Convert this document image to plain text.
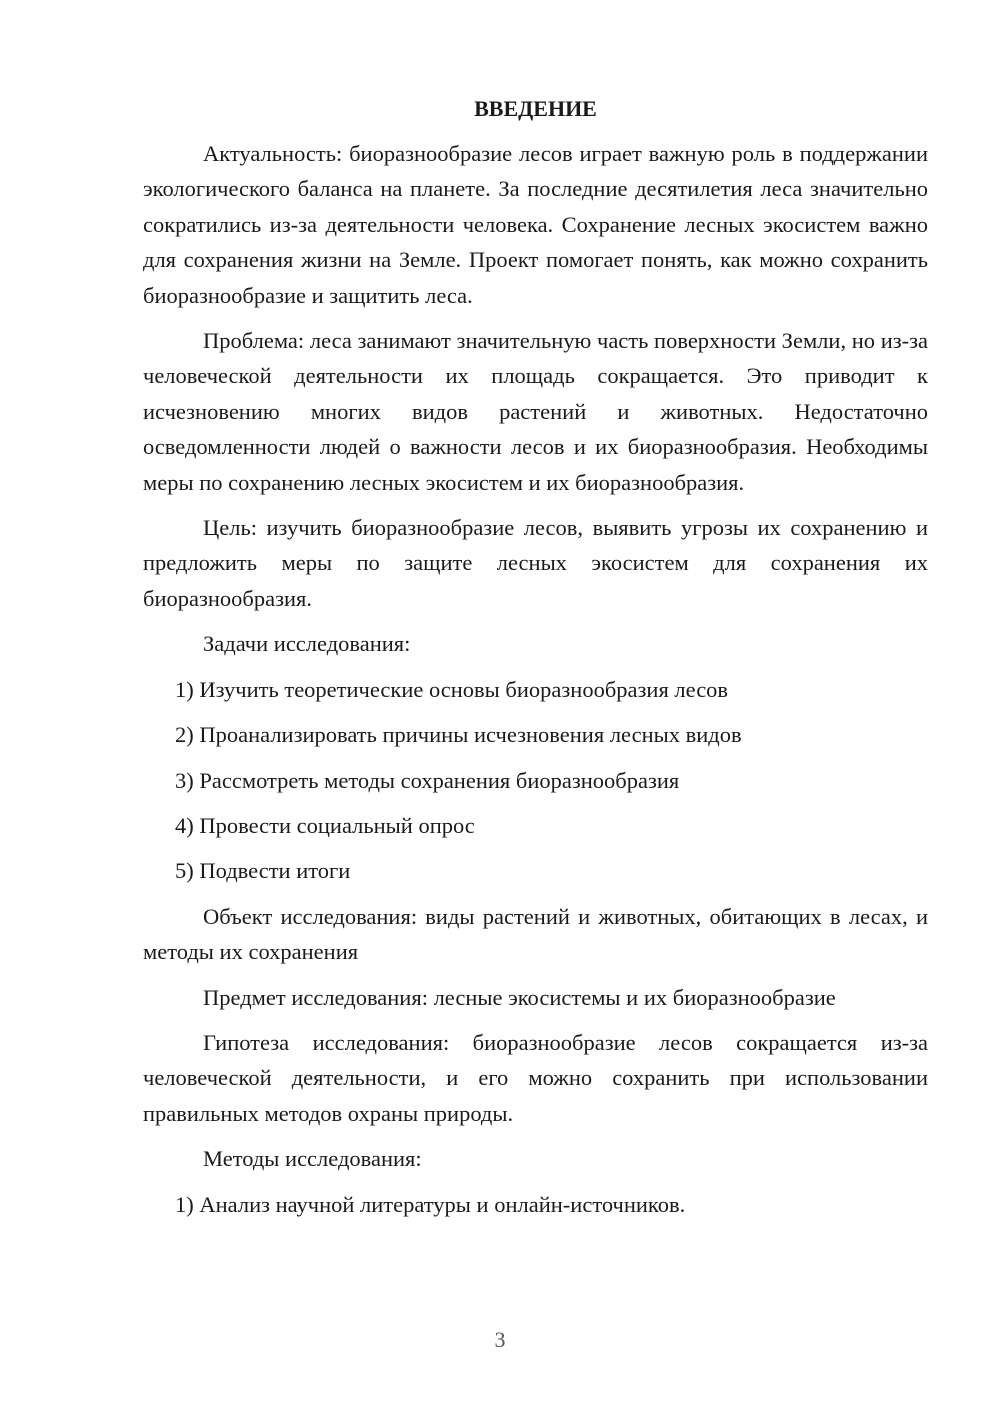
ВВЕДЕНИЕ

Актуальность: биоразнообразие лесов играет важную роль в поддержании экологического баланса на планете. За последние десятилетия леса значительно сократились из-за деятельности человека. Сохранение лесных экосистем важно для сохранения жизни на Земле. Проект помогает понять, как можно сохранить биоразнообразие и защитить леса.

Проблема: леса занимают значительную часть поверхности Земли, но из-за человеческой деятельности их площадь сокращается. Это приводит к исчезновению многих видов растений и животных. Недостаточно осведомленности людей о важности лесов и их биоразнообразия. Необходимы меры по сохранению лесных экосистем и их биоразнообразия.

Цель: изучить биоразнообразие лесов, выявить угрозы их сохранению и предложить меры по защите лесных экосистем для сохранения их биоразнообразия.

Задачи исследования:

1) Изучить теоретические основы биоразнообразия лесов

2) Проанализировать причины исчезновения лесных видов

3) Рассмотреть методы сохранения биоразнообразия

4) Провести социальный опрос

5) Подвести итоги

Объект исследования: виды растений и животных, обитающих в лесах, и методы их сохранения

Предмет исследования: лесные экосистемы и их биоразнообразие

Гипотеза исследования: биоразнообразие лесов сокращается из-за человеческой деятельности, и его можно сохранить при использовании правильных методов охраны природы.

Методы исследования:

1) Анализ научной литературы и онлайн-источников.

3
